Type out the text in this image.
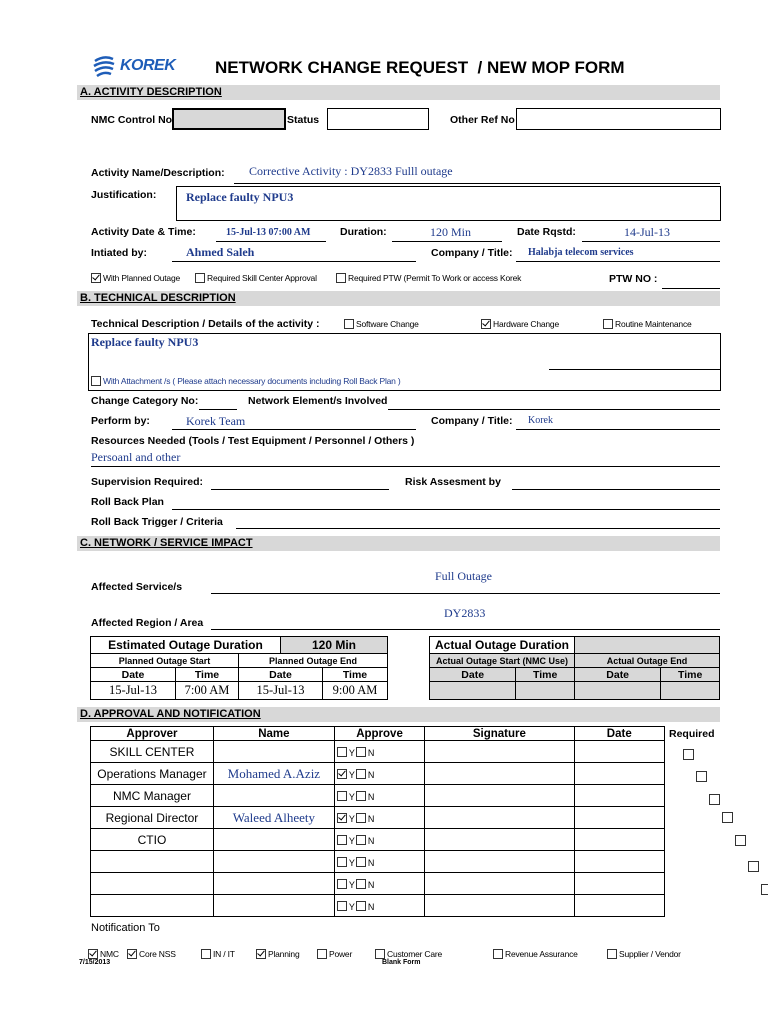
KOREK NETWORK CHANGE REQUEST  / NEW MOP FORM
A. ACTIVITY DESCRIPTION
NMC Control No	Status	Other Ref No
Activity Name/Description: Corrective Activity : DY2833 Fulll outage
Justification: Replace faulty NPU3
Activity Date & Time:	15-Jul-13 07:00 AM	Duration:	120 Min	Date Rqstd:	14-Jul-13
Intiated by:	Ahmed Saleh	Company / Title: Halabja telecom services
With Planned Outage	Required Skill Center Approval	Required PTW (Permit To Work or access Korek	PTW NO :
B. TECHNICAL DESCRIPTION
Technical Description / Details of the activity :	Software Change	Hardware Change	Routine Maintenance
Replace faulty NPU3
With Attachment /s ( Please attach necessary documents including Roll Back Plan )
Change Category No:	Network Element/s Involved
Perform by:	Korek Team	Company / Title: Korek
Resources Needed (Tools / Test Equipment / Personnel / Others )
Persoanl and other
Supervision Required:	Risk Assesment by
Roll Back Plan
Roll Back Trigger / Criteria
C. NETWORK / SERVICE IMPACT
Full Outage
Affected Service/s
DY2833
Affected Region / Area
Estimated Outage Duration			120 Min	
Planned Outage Start		Planned Outage End		
Date	Time	Date		Time
15-Jul-13	7:00 AM	15-Jul-13		9:00 AM
Actual Outage Duration			
Actual Outage Start (NMC Use)		Actual Outage End	
Date	Time	Date	Time

D. APPROVAL AND NOTIFICATION
Approver	Name	Approve	Signature	Date
SKILL CENTER		Y N		
Operations Manager	Mohamed A.Aziz	Y N		
NMC Manager		Y N		
Regional Director	Waleed Alheety	Y N		
CTIO		Y N		
		Y N		
		Y N		
		Y N		
Required
Notification To
NMC	Core NSS	IN / IT	Planning	Power	Customer Care	Revenue Assurance	Supplier / Vendor
7/15/2013	Blank Form
